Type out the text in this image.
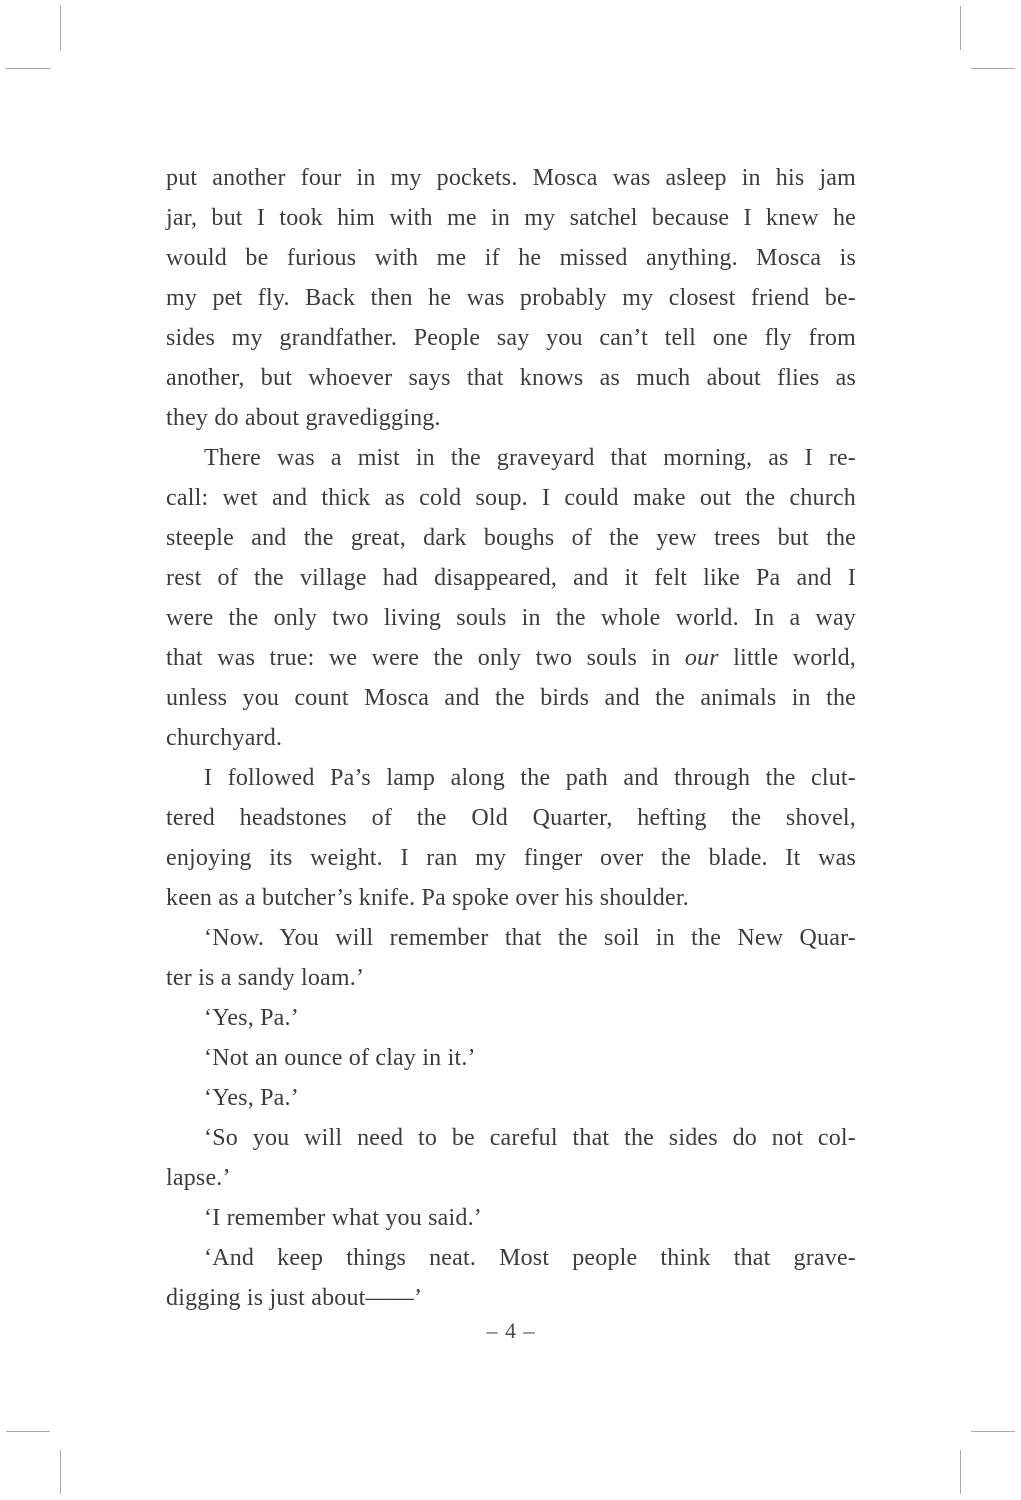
put another four in my pockets. Mosca was asleep in his jam
jar, but I took him with me in my satchel because I knew he
would be furious with me if he missed anything. Mosca is
my pet fly. Back then he was probably my closest friend be-
sides my grandfather. People say you can’t tell one fly from
another, but whoever says that knows as much about flies as
they do about gravedigging.
There was a mist in the graveyard that morning, as I re-
call: wet and thick as cold soup. I could make out the church
steeple and the great, dark boughs of the yew trees but the
rest of the village had disappeared, and it felt like Pa and I
were the only two living souls in the whole world. In a way
that was true: we were the only two souls in our little world,
unless you count Mosca and the birds and the animals in the
churchyard.
I followed Pa’s lamp along the path and through the clut-
tered headstones of the Old Quarter, hefting the shovel,
enjoying its weight. I ran my finger over the blade. It was
keen as a butcher’s knife. Pa spoke over his shoulder.
‘Now. You will remember that the soil in the New Quar-
ter is a sandy loam.’
‘Yes, Pa.’
‘Not an ounce of clay in it.’
‘Yes, Pa.’
‘So you will need to be careful that the sides do not col-
lapse.’
‘I remember what you said.’
‘And keep things neat. Most people think that grave-
digging is just about——’
– 4 –
